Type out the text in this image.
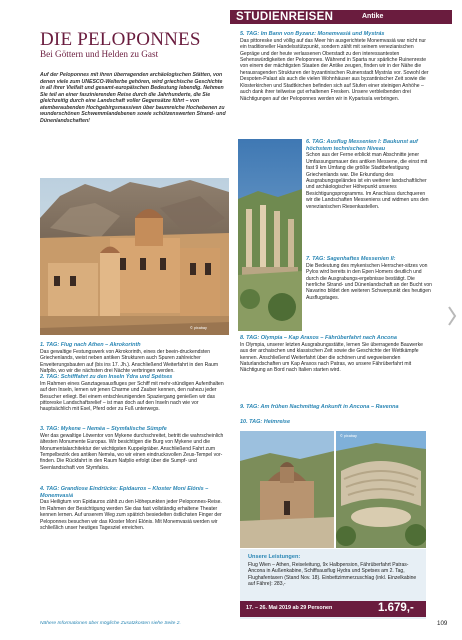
STUDIENREISEN	Antike
DIE PELOPONNES
Bei Göttern und Helden zu Gast
Auf der Peloponnes mit ihren überragenden archäologischen Stätten, von denen viele zum UNESCO-Welterbe gehören, wird griechische Geschichte in all ihrer Vielfalt und gesamt-europäischen Bedeutung lebendig. Nehmen Sie teil an einer faszinierenden Reise durch die Jahrhunderte, die Sie gleichzeitig durch eine Landschaft voller Gegensätze führt – von atemberaubenden Hochgebirgsmassiven über baumreiche Hochebenen zu wunderschönen Schwemmlandebenen sowie schützenswerten Strand- und Dünenlandschaften!
© pixabay
1. TAG: Flug nach Athen – Akrokorinth

Das gewaltige Festungswerk von Akrokorinth, eines der beein-druckendsten Griechenlands, weist neben antiken Strukturen auch Spuren zahlreicher Erweiterungsbauten auf (bis ins 17. Jh.). Anschließend Weiterfahrt in den Raum Nafplio, wo wir die nächsten drei Nächte verbringen werden.

2. TAG: Schifffahrt zu den Inseln Ýdra und Spétses

Im Rahmen eines Ganztagesausfluges per Schiff mit mehr-stündigen Aufenthalten auf den Inseln, lernen wir jenen Charme und Zauber kennen, den nahezu jeder Besucher erliegt. Bei einem entschleunigenden Spaziergang genießen wir das pittoreske Landschaftsrelief – ist man doch auf den Inseln nach wie vor hauptsächlich mit Esel, Pferd oder zu Fuß unterwegs.

3. TAG: Mykene – Neméa – Stymfalische Sümpfe

Wer das gewaltige Löwentor von Mykene durchschreitet, betritt die wahrscheinlich ältesten Monumente Europas. Wir besichtigen die Burg von Mykene und die Monumentalarchitektur der wichtigsten Kuppelgräber. Anschließend Fahrt zum Tempelbezirk des antiken Neméa, wo wir einen eindrucksvollen Zeus-Tempel vor-finden. Die Rückfahrt in den Raum Nafplio erfolgt über die Sumpf- und Seenlandschaft von Stymfalos.

4. TAG: Grandiose Eindrücke: Epidauros – Kloster Moní Elónis – Monemvasiá

Das Heiligtum von Epidauros zählt zu den Höhepunkten jeder Peloponnes-Reise. Im Rahmen der Besichtigung werden Sie das fast vollständig erhaltene Theater kennen lernen. Auf unserem Weg zum spätrich besiedelten östlichsten Finger der Peloponnes besuchen wir das Kloster Moní Elónis. Mit Monemvasiá werden wir schließlich unser heutiges Tagesziel erreichen.

5. TAG: Im Bann von Byzanz: Monemvasiá und Mystrás

Das pittoreske und völlig auf das Meer hin ausgerichtete Monemvasiá war nicht nur ein traditioneller Handelsstützpunkt, sondern zählt mit seinem venezianischen Gepräge und der heute verlassenen Oberstadt zu den interessantesten Sehenswürdigkeiten der Peloponnes. Während in Sparta nur spärliche Ruinenreste von einem der mächtigsten Staaten der Antike zeugen, finden wir in der Nähe die herausragenden Strukturen der byzantinischen Ruinenstadt Mystrás vor. Sowohl der Despoten-Palast als auch die vielen Wohnhäuser aus byzantinischer Zeit sowie die Klosterkirchen und Stadtkirchen befinden sich auf Stufen einer steinigen Anhöhe – auch dank ihrer teilweise gut erhaltenen Fresken. Unsere verbleibenden drei Nächtigungen auf der Peloponnes werden wir in Kyparissía verbringen.

6. TAG: Ausflug Messenien I: Baukunst auf höchstem technischen Niveau

Schon aus der Ferne erblickt man Abschnitte jener Umfassungsmauer des antiken Messene, die einst mit fast 9 km Umfang die größte Stadtbefestigung Griechenlands war. Die Erkundung des Ausgrabungsgeländes ist ein weiterer landschaftlicher und archäologischer Höhepunkt unseres Besichtigungsprogramms. Im Anschluss durchqueren wir die Landschaften Messeniens und widmen uns den venezianischen Riesenkastellen.

7. TAG: Sagenhaftes Messenien II:

Die Bedeutung des mykenischen Herrscher-sitzes von Pylos wird bereits in den Epen Homers deutlich und durch die Ausgrabungs-ergebnisse bestätigt. Die herrliche Strand- und Dünenlandschaft an der Bucht von Navarino bildet den weiteren Schwerpunkt des heutigen Ausflugstages.

8. TAG: Olympia – Kap Araxos – Fährüberfahrt nach Ancona

In Olympia, unserer letzten Ausgrabungsstätte, lernen Sie überragende Bauwerke aus der archaischen und klassischen Zeit sowie die Geschichte der Wettkämpfe kennen. Anschließend Weiterfahrt über die schönen und wegweisenden Naturlandschaften um Kap Araxos nach Patras, wo unsere Fährüberfahrt mit Nächtigung an Bord nach Italien starten wird.

9. TAG: Am frühen Nachmittag Ankunft in Ancona – Ravenna
10. TAG: Heimreise
© pixabay
Unsere Leistungen:
Flug Wien – Athen, Reiseleitung, 9x Halbpension, Fährüberfahrt Patras-Ancona in Außenkabine, Schiffsausflug Hydra und Spetses am 2. Tag, Flughafentaxen (Stand Nov. 18). Einbettzimmerzuschlag (inkl. Einzelkabine auf Fähre): 283,-
17. – 26. Mai 2019 ab 29 Personen	1.679,-
Nähere Informationen über mögliche Zusatzkosten siehe Seite 2.	109
